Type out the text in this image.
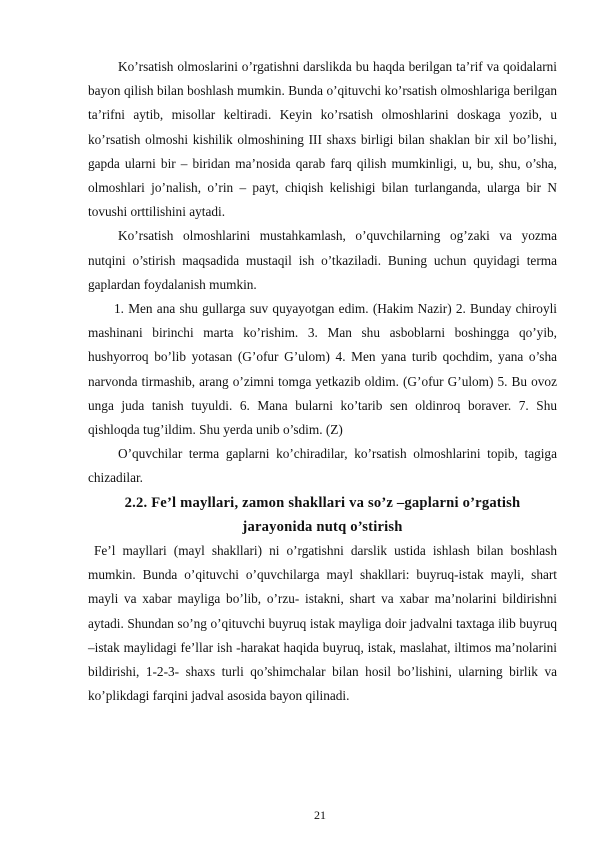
Ko’rsatish olmoslarini o’rgatishni darslikda bu haqda berilgan ta’rif va qoidalarni bayon qilish bilan boshlash mumkin. Bunda o’qituvchi ko’rsatish olmoshlariga berilgan ta’rifni aytib, misollar keltiradi. Keyin ko’rsatish olmoshlarini doskaga yozib, u ko’rsatish olmoshi kishilik olmoshining III shaxs birligi bilan shaklan bir xil bo’lishi, gapda ularni bir – biridan ma’nosida qarab farq qilish mumkinligi, u, bu, shu, o’sha, olmoshlari jo’nalish, o’rin – payt, chiqish kelishigi bilan turlanganda, ularga bir N tovushi orttilishini aytadi.

Ko’rsatish olmoshlarini mustahkamlash, o’quvchilarning og’zaki va yozma nutqini o’stirish maqsadida mustaqil ish o’tkaziladi. Buning uchun quyidagi terma gaplardan foydalanish mumkin.

1. Men ana shu gullarga suv quyayotgan edim. (Hakim Nazir) 2. Bunday chiroyli mashinani birinchi marta ko’rishim. 3. Man shu asboblarni boshingga qo’yib, hushyorroq bo’lib yotasan (G’ofur G’ulom) 4. Men yana turib qochdim, yana o’sha narvonda tirmashib, arang o’zimni tomga yetkazib oldim. (G’ofur G’ulom) 5. Bu ovoz unga juda tanish tuyuldi. 6. Mana bularni ko’tarib sen oldinroq boraver. 7. Shu qishloqda tug’ildim. Shu yerda unib o’sdim. (Z)

O’quvchilar terma gaplarni ko’chiradilar, ko’rsatish olmoshlarini topib, tagiga chizadilar.

2.2. Fe’l mayllari, zamon shakllari va so’z –gaplarni o’rgatish
jarayonida nutq o’stirish

Fe’l mayllari (mayl shakllari) ni o’rgatishni darslik ustida ishlash bilan boshlash mumkin. Bunda o’qituvchi o’quvchilarga mayl shakllari: buyruq-istak mayli, shart mayli va xabar mayliga bo’lib, o’rzu- istakni, shart va xabar ma’nolarini bildirishni aytadi. Shundan so’ng o’qituvchi buyruq istak mayliga doir jadvalni taxtaga ilib buyruq –istak maylidagi fe’llar ish -harakat haqida buyruq, istak, maslahat, iltimos ma’nolarini bildirishi, 1-2-3- shaxs turli qo’shimchalar bilan hosil bo’lishini, ularning birlik va ko’plikdagi farqini jadval asosida bayon qilinadi.

21
